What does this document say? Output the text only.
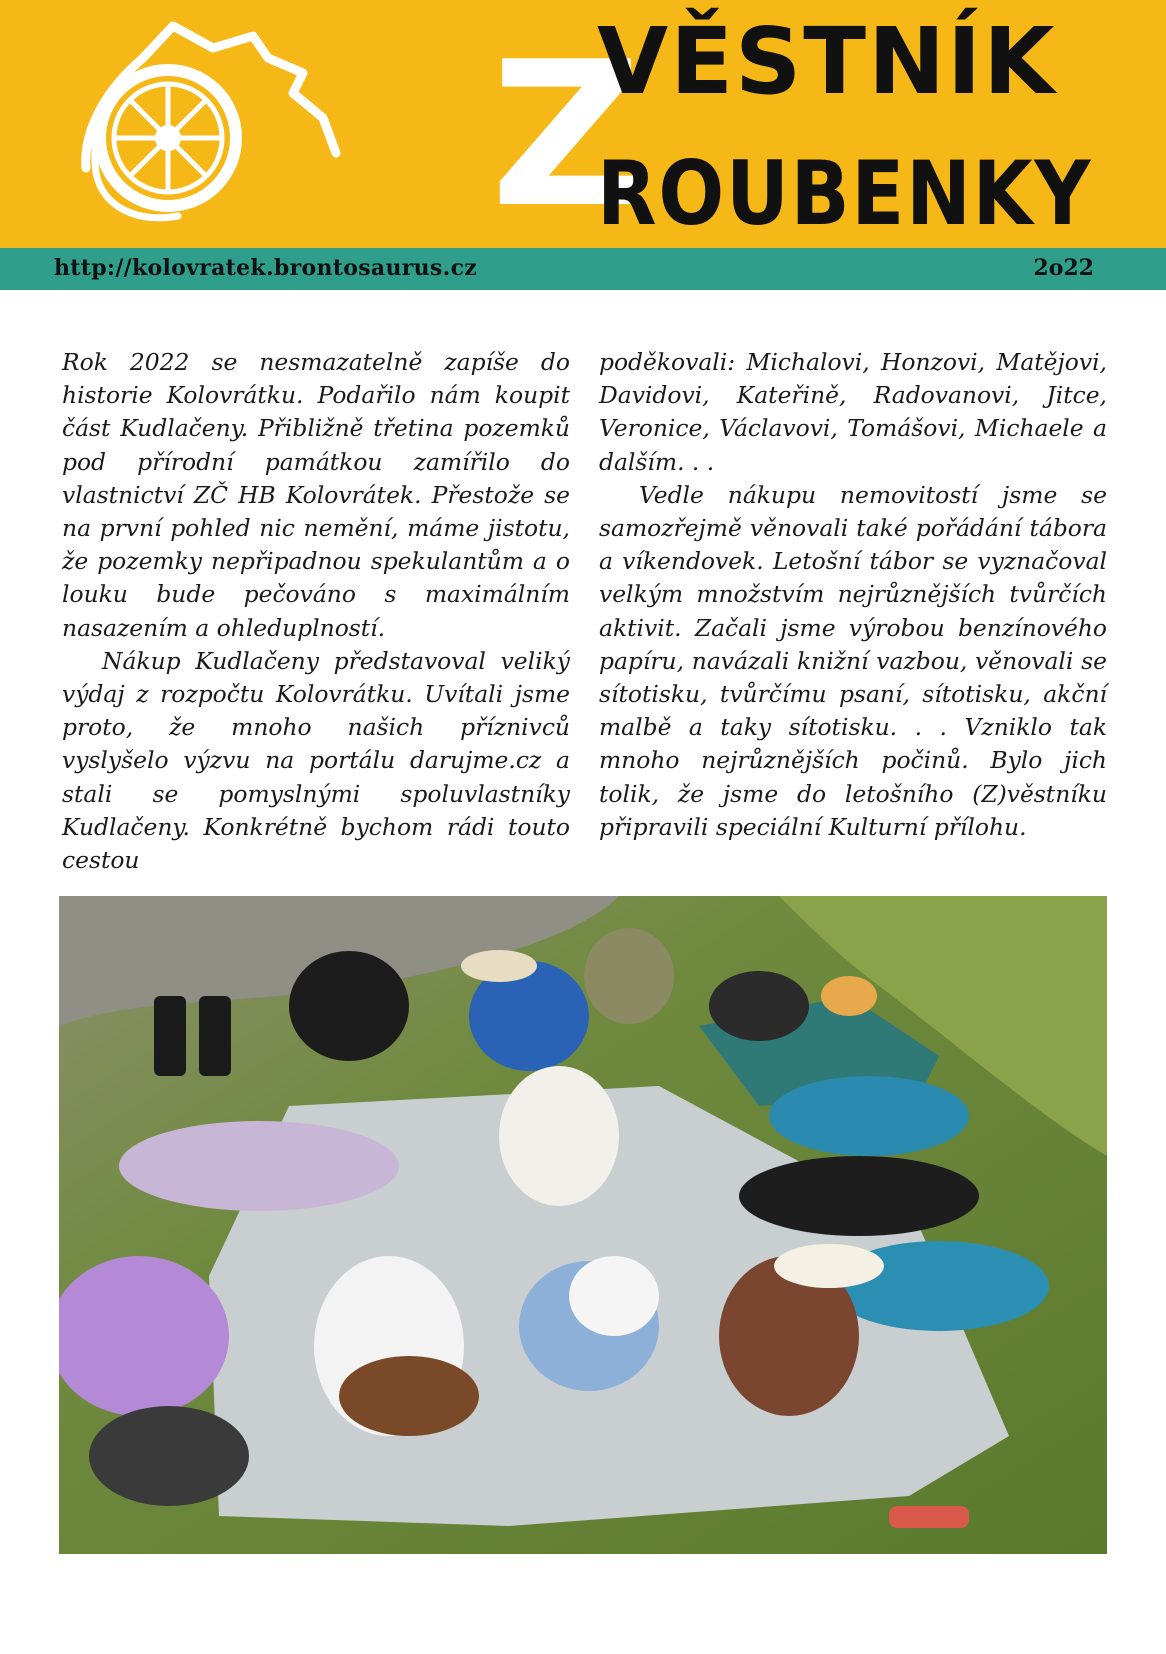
Z
VĚSTNÍK
ROUBENKY
http://kolovratek.brontosaurus.cz	2o22

Rok 2022 se nesmazatelně zapíše do historie Kolovrátku. Podařilo nám koupit část Kudlačeny. Přibližně třetina pozemků pod přírodní památkou zamířilo do vlastnictví ZČ HB Kolovrátek. Přestože se na první pohled nic nemění, máme jistotu, že pozemky nepřipadnou spekulantům a o louku bude pečováno s maximálním nasazením a ohleduplností.

Nákup Kudlačeny představoval veliký výdaj z rozpočtu Kolovrátku. Uvítali jsme proto, že mnoho našich příznivců vyslyšelo výzvu na portálu darujme.cz a stali se pomyslnými spoluvlastníky Kudlačeny. Konkrétně bychom rádi touto cestou

poděkovali: Michalovi, Honzovi, Matějovi, Davidovi, Kateřině, Radovanovi, Jitce, Veronice, Václavovi, Tomášovi, Michaele a dalším. . .

Vedle nákupu nemovitostí jsme se samozřejmě věnovali také pořádání tábora a víkendovek. Letošní tábor se vyznačoval velkým množstvím nejrůznějších tvůrčích aktivit. Začali jsme výrobou benzínového papíru, navázali knižní vazbou, věnovali se sítotisku, tvůrčímu psaní, sítotisku, akční malbě a taky sítotisku. . . Vzniklo tak mnoho nejrůznějších počinů. Bylo jich tolik, že jsme do letošního (Z)věstníku připravili speciální Kulturní přílohu.
